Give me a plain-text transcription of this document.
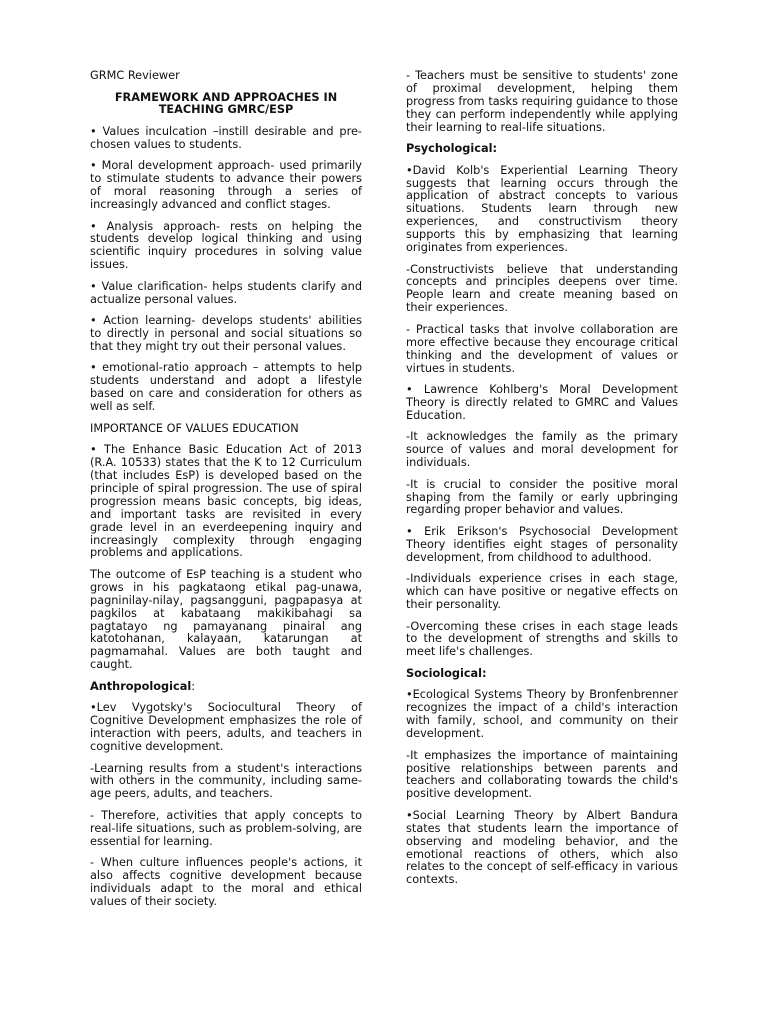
GRMC Reviewer

FRAMEWORK AND APPROACHES IN TEACHING GMRC/ESP

• Values inculcation –instill desirable and pre-chosen values to students.

• Moral development approach- used primarily to stimulate students to advance their powers of moral reasoning through a series of increasingly advanced and conflict stages.

• Analysis approach- rests on helping the students develop logical thinking and using scientific inquiry procedures in solving value issues.

• Value clarification- helps students clarify and actualize personal values.

• Action learning- develops students' abilities to directly in personal and social situations so that they might try out their personal values.

• emotional-ratio approach – attempts to help students understand and adopt a lifestyle based on care and consideration for others as well as self.

IMPORTANCE OF VALUES EDUCATION

• The Enhance Basic Education Act of 2013 (R.A. 10533) states that the K to 12 Curriculum (that includes EsP) is developed based on the principle of spiral progression. The use of spiral progression means basic concepts, big ideas, and important tasks are revisited in every grade level in an everdeepening inquiry and increasingly complexity through engaging problems and applications.

The outcome of EsP teaching is a student who grows in his pagkataong etikal pag-unawa, pagninilay-nilay, pagsangguni, pagpapasya at pagkilos at kabataang makikibahagi sa pagtatayo ng pamayanang pinairal ang katotohanan, kalayaan, katarungan at pagmamahal. Values are both taught and caught.

Anthropological:

•Lev Vygotsky's Sociocultural Theory of Cognitive Development emphasizes the role of interaction with peers, adults, and teachers in cognitive development.

-Learning results from a student's interactions with others in the community, including same-age peers, adults, and teachers.

- Therefore, activities that apply concepts to real-life situations, such as problem-solving, are essential for learning.

- When culture influences people's actions, it also affects cognitive development because individuals adapt to the moral and ethical values of their society.

- Teachers must be sensitive to students' zone of proximal development, helping them progress from tasks requiring guidance to those they can perform independently while applying their learning to real-life situations.

Psychological:

•David Kolb's Experiential Learning Theory suggests that learning occurs through the application of abstract concepts to various situations. Students learn through new experiences, and constructivism theory supports this by emphasizing that learning originates from experiences.

-Constructivists believe that understanding concepts and principles deepens over time. People learn and create meaning based on their experiences.

- Practical tasks that involve collaboration are more effective because they encourage critical thinking and the development of values or virtues in students.

• Lawrence Kohlberg's Moral Development Theory is directly related to GMRC and Values Education.

-It acknowledges the family as the primary source of values and moral development for individuals.

-It is crucial to consider the positive moral shaping from the family or early upbringing regarding proper behavior and values.

• Erik Erikson's Psychosocial Development Theory identifies eight stages of personality development, from childhood to adulthood.

-Individuals experience crises in each stage, which can have positive or negative effects on their personality.

-Overcoming these crises in each stage leads to the development of strengths and skills to meet life's challenges.

Sociological:

•Ecological Systems Theory by Bronfenbrenner recognizes the impact of a child's interaction with family, school, and community on their development.

-It emphasizes the importance of maintaining positive relationships between parents and teachers and collaborating towards the child's positive development.

•Social Learning Theory by Albert Bandura states that students learn the importance of observing and modeling behavior, and the emotional reactions of others, which also relates to the concept of self-efficacy in various contexts.
